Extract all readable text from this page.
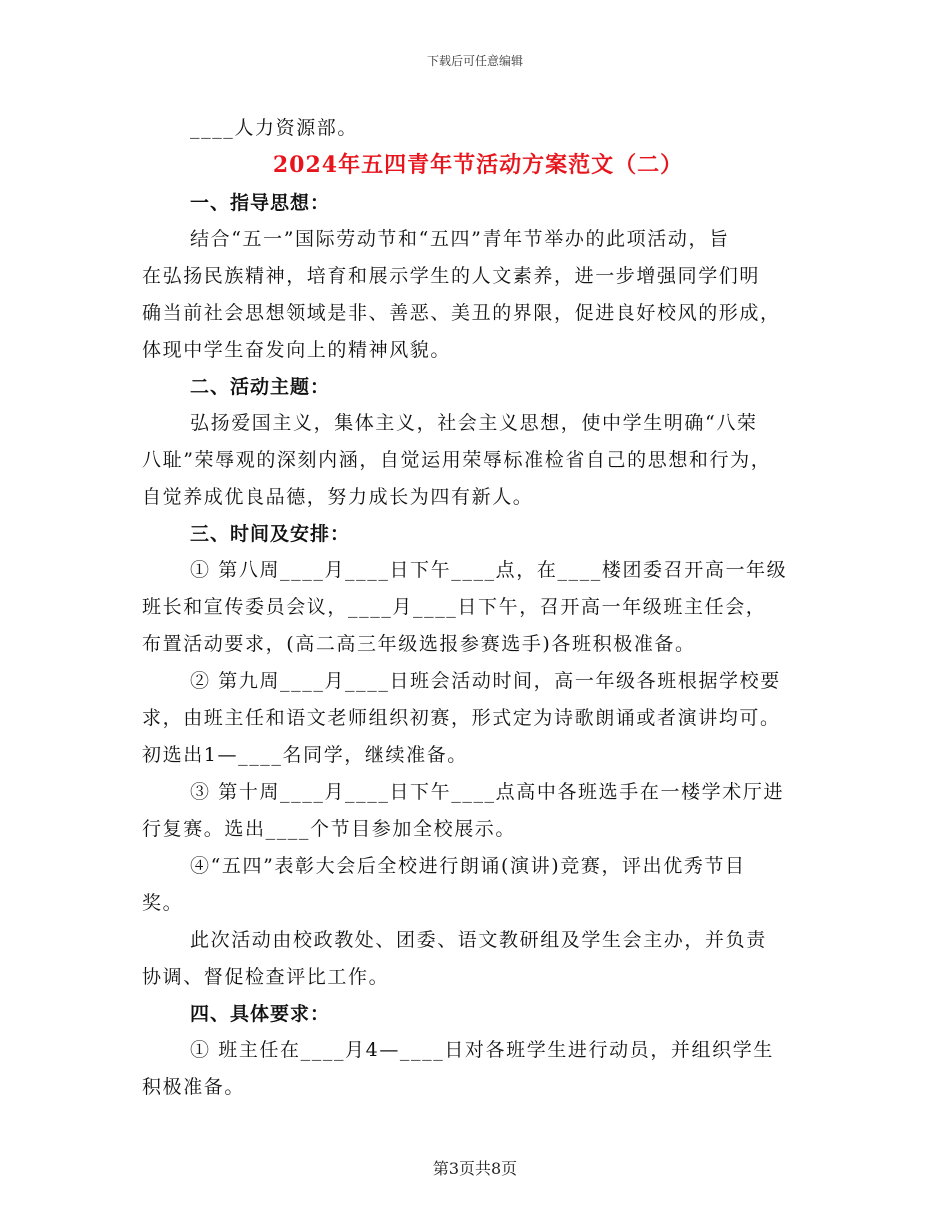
下载后可任意编辑

____人力资源部。

2024年五四青年节活动方案范文（二）
一、指导思想：

结合“五一”国际劳动节和“五四”青年节举办的此项活动，旨

在弘扬民族精神，培育和展示学生的人文素养，进一步增强同学们明

确当前社会思想领域是非、善恶、美丑的界限，促进良好校风的形成，

体现中学生奋发向上的精神风貌。

二、活动主题：

弘扬爱国主义，集体主义，社会主义思想，使中学生明确“八荣

八耻”荣辱观的深刻内涵，自觉运用荣辱标准检省自己的思想和行为，

自觉养成优良品德，努力成长为四有新人。

三、时间及安排：

① 第八周____月____日下午____点，在____楼团委召开高一年级

班长和宣传委员会议，____月____日下午，召开高一年级班主任会，

布置活动要求，(高二高三年级选报参赛选手)各班积极准备。

② 第九周____月____日班会活动时间，高一年级各班根据学校要

求，由班主任和语文老师组织初赛，形式定为诗歌朗诵或者演讲均可。

初选出1—____名同学，继续准备。

③ 第十周____月____日下午____点高中各班选手在一楼学术厅进

行复赛。选出____个节目参加全校展示。

④“五四”表彰大会后全校进行朗诵(演讲)竞赛，评出优秀节目

奖。

此次活动由校政教处、团委、语文教研组及学生会主办，并负责

协调、督促检查评比工作。

四、具体要求：

① 班主任在____月4—____日对各班学生进行动员，并组织学生

积极准备。

第3页共8页
